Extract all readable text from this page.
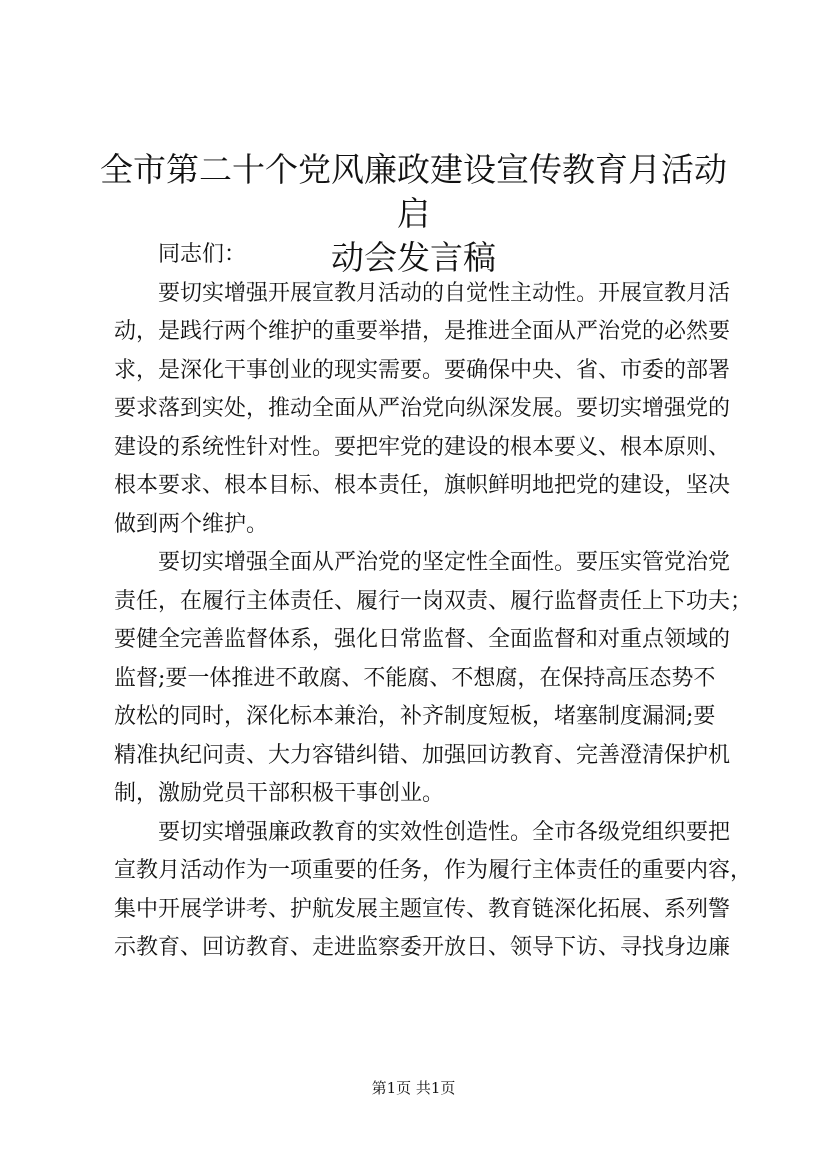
全市第二十个党风廉政建设宣传教育月活动启
动会发言稿
同志们：
要切实增强开展宣教月活动的自觉性主动性。开展宣教月活
动，是践行两个维护的重要举措，是推进全面从严治党的必然要
求，是深化干事创业的现实需要。要确保中央、省、市委的部署
要求落到实处，推动全面从严治党向纵深发展。要切实增强党的
建设的系统性针对性。要把牢党的建设的根本要义、根本原则、
根本要求、根本目标、根本责任，旗帜鲜明地把党的建设，坚决
做到两个维护。
要切实增强全面从严治党的坚定性全面性。要压实管党治党
责任，在履行主体责任、履行一岗双责、履行监督责任上下功夫；
要健全完善监督体系，强化日常监督、全面监督和对重点领域的
监督;要一体推进不敢腐、不能腐、不想腐，在保持高压态势不
放松的同时，深化标本兼治，补齐制度短板，堵塞制度漏洞;要
精准执纪问责、大力容错纠错、加强回访教育、完善澄清保护机
制，激励党员干部积极干事创业。
要切实增强廉政教育的实效性创造性。全市各级党组织要把
宣教月活动作为一项重要的任务，作为履行主体责任的重要内容，
集中开展学讲考、护航发展主题宣传、教育链深化拓展、系列警
示教育、回访教育、走进监察委开放日、领导下访、寻找身边廉
第1页 共1页
